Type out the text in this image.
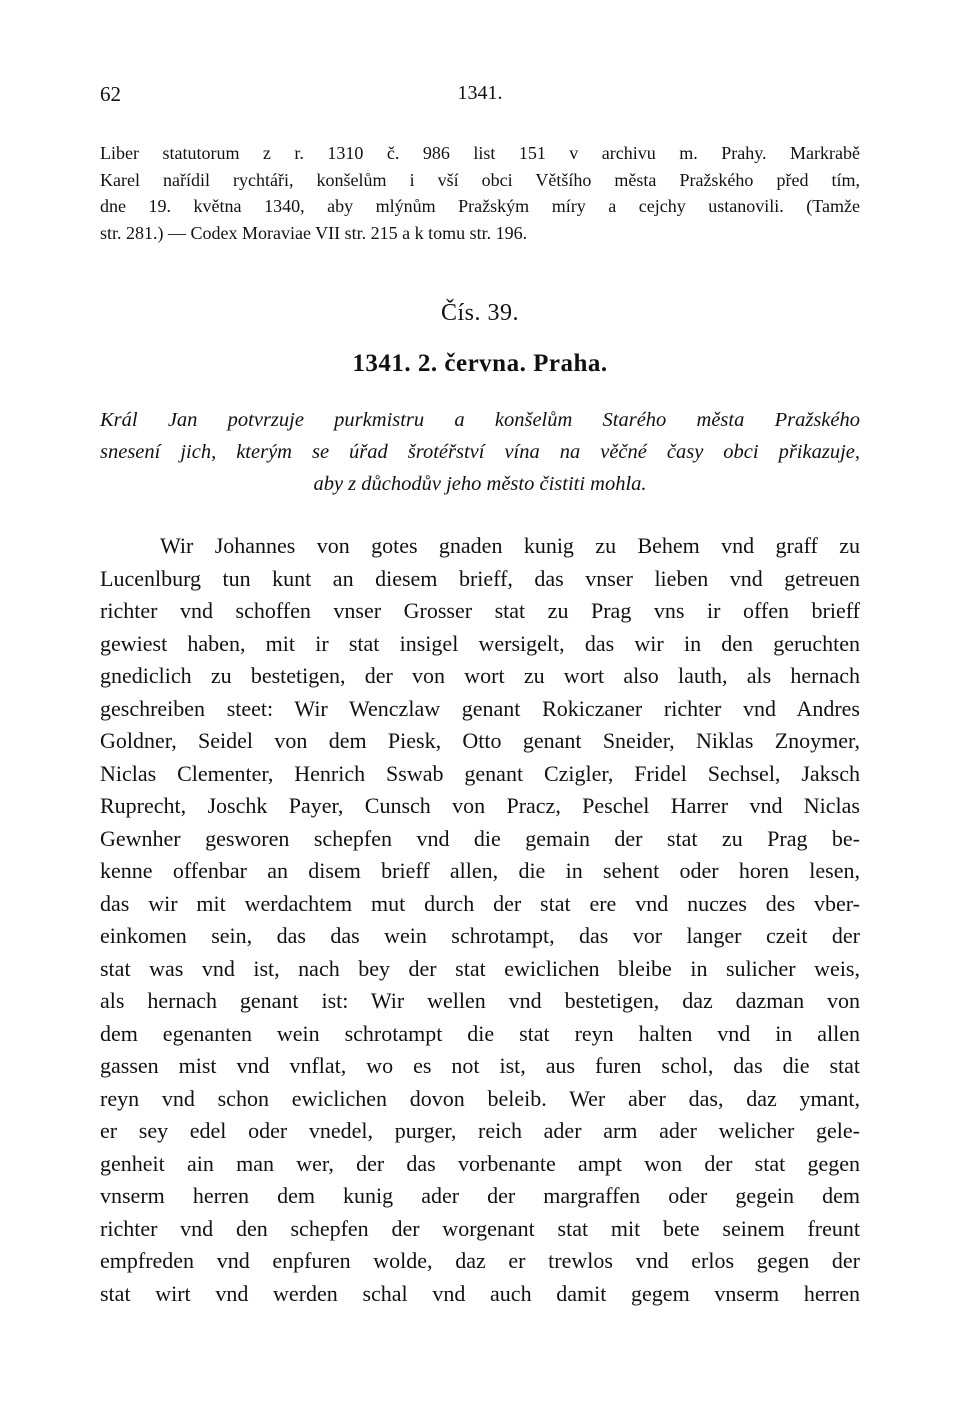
62	1341.
Liber statutorum z r. 1310 č. 986 list 151 v archivu m. Prahy. Markrabě
Karel nařídil rychtáři, konšelům i vší obci Většího města Pražského před tím,
dne 19. května 1340, aby mlýnům Pražským míry a cejchy ustanovili. (Tamže
str. 281.) — Codex Moraviae VII str. 215 a k tomu str. 196.
Čís. 39.
1341. 2. června. Praha.
Král Jan potvrzuje purkmistru a konšelům Starého města Pražského
snesení jich, kterým se úřad šrotéřství vína na věčné časy obci přikazuje,
aby z důchodův jeho město čistiti mohla.
Wir Johannes von gotes gnaden kunig zu Behem vnd graff zu
Lucenlburg tun kunt an diesem brieff, das vnser lieben vnd getreuen
richter vnd schoffen vnser Grosser stat zu Prag vns ir offen brieff
gewiest haben, mit ir stat insigel wersigelt, das wir in den geruchten
gnediclich zu bestetigen, der von wort zu wort also lauth, als hernach
geschreiben steet: Wir Wenczlaw genant Rokiczaner richter vnd Andres
Goldner, Seidel von dem Piesk, Otto genant Sneider, Niklas Znoymer,
Niclas Clementer, Henrich Sswab genant Czigler, Fridel Sechsel, Jaksch
Ruprecht, Joschk Payer, Cunsch von Pracz, Peschel Harrer vnd Niclas
Gewnher gesworen schepfen vnd die gemain der stat zu Prag be-
kenne offenbar an disem brieff allen, die in sehent oder horen lesen,
das wir mit werdachtem mut durch der stat ere vnd nuczes des vber-
einkomen sein, das das wein schrotampt, das vor langer czeit der
stat was vnd ist, nach bey der stat ewiclichen bleibe in sulicher weis,
als hernach genant ist: Wir wellen vnd bestetigen, daz dazman von
dem egenanten wein schrotampt die stat reyn halten vnd in allen
gassen mist vnd vnflat, wo es not ist, aus furen schol, das die stat
reyn vnd schon ewiclichen dovon beleib. Wer aber das, daz ymant,
er sey edel oder vnedel, purger, reich ader arm ader welicher gele-
genheit ain man wer, der das vorbenante ampt won der stat gegen
vnserm herren dem kunig ader der margraffen oder gegein dem
richter vnd den schepfen der worgenant stat mit bete seinem freunt
empfreden vnd enpfuren wolde, daz er trewlos vnd erlos gegen der
stat wirt vnd werden schal vnd auch damit gegem vnserm herren
